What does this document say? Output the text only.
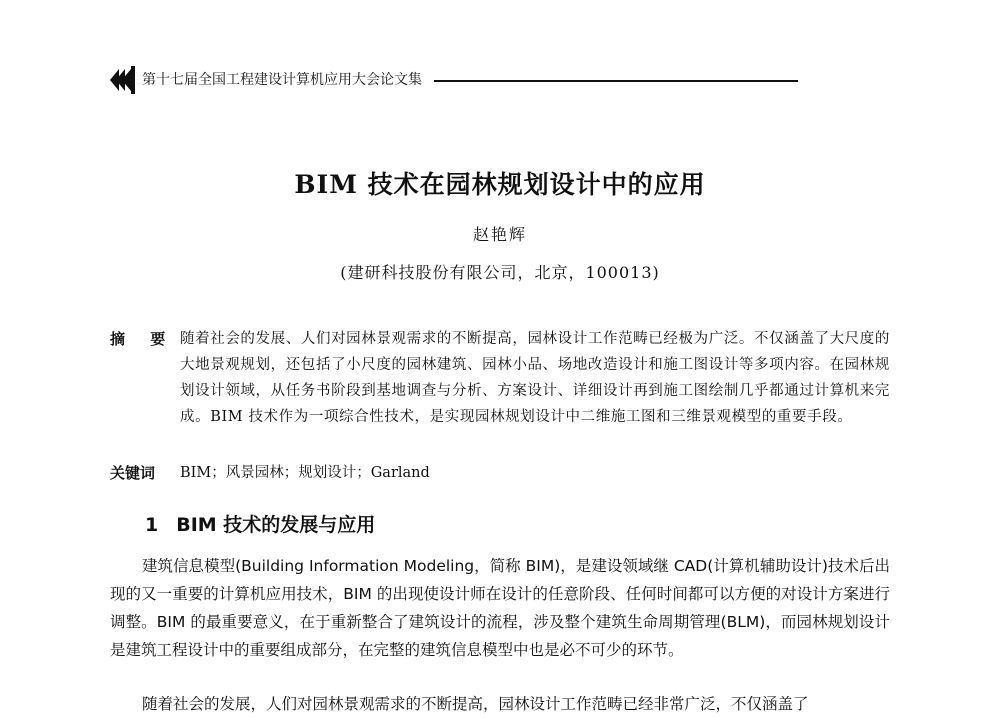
第十七届全国工程建设计算机应用大会论文集
BIM 技术在园林规划设计中的应用
赵艳辉
(建研科技股份有限公司，北京，100013)
摘 要 随着社会的发展、人们对园林景观需求的不断提高，园林设计工作范畴已经极为广泛。不仅涵盖了大尺度的大地景观规划，还包括了小尺度的园林建筑、园林小品、场地改造设计和施工图设计等多项内容。在园林规划设计领域，从任务书阶段到基地调查与分析、方案设计、详细设计再到施工图绘制几乎都通过计算机来完成。BIM 技术作为一项综合性技术，是实现园林规划设计中二维施工图和三维景观模型的重要手段。
关键词 BIM；风景园林；规划设计；Garland
1 BIM 技术的发展与应用

建筑信息模型(Building Information Modeling，简称 BIM)，是建设领域继 CAD(计算机辅助设计)技术后出现的又一重要的计算机应用技术，BIM 的出现使设计师在设计的任意阶段、任何时间都可以方便的对设计方案进行调整。BIM 的最重要意义，在于重新整合了建筑设计的流程，涉及整个建筑生命周期管理(BLM)，而园林规划设计是建筑工程设计中的重要组成部分，在完整的建筑信息模型中也是必不可少的环节。

随着社会的发展，人们对园林景观需求的不断提高，园林设计工作范畴已经非常广泛，不仅涵盖了
